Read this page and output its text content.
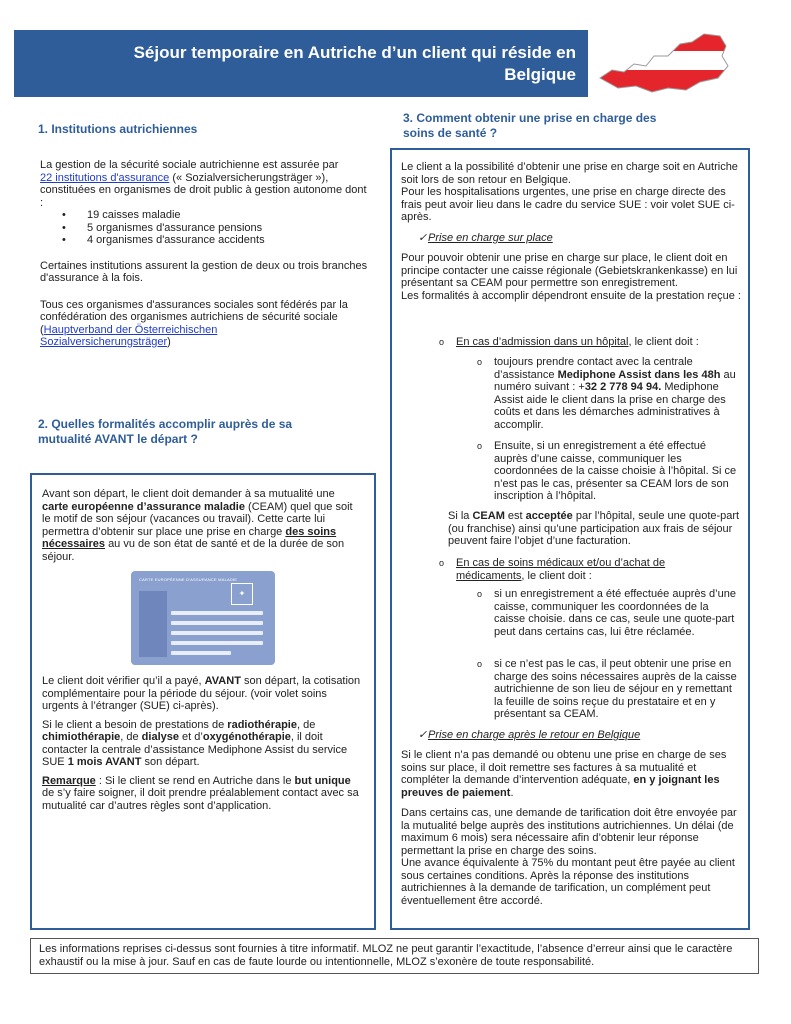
Séjour temporaire en Autriche d’un client qui réside en
Belgique
1. Institutions autrichiennes

La gestion de la sécurité sociale autrichienne est assurée par
22 institutions d'assurance (« Sozialversicherungsträger »), constituées en organismes de droit public à gestion autonome dont :

• 19 caisses maladie
• 5 organismes d'assurance pensions
• 4 organismes d'assurance accidents

Certaines institutions assurent la gestion de deux ou trois branches d'assurance à la fois.

Tous ces organismes d'assurances sociales sont fédérés par la confédération des organismes autrichiens de sécurité sociale (Hauptverband der Österreichischen
Sozialversicherungsträger)

2. Quelles formalités accomplir auprès de sa
mutualité AVANT le départ ?

Avant son départ, le client doit demander à sa mutualité une carte européenne d’assurance maladie (CEAM) quel que soit le motif de son séjour (vacances ou travail). Cette carte lui permettra d’obtenir sur place une prise en charge des soins nécessaires au vu de son état de santé et de la durée de son séjour.

CARTE EUROPÉENNE D'ASSURANCE MALADIE
✦

Le client doit vérifier qu’il a payé, AVANT son départ, la cotisation complémentaire pour la période du séjour. (voir volet soins urgents à l’étranger (SUE) ci-après).

Si le client a besoin de prestations de radiothérapie, de
chimiothérapie, de dialyse et d’oxygénothérapie, il doit contacter la centrale d’assistance Mediphone Assist du service SUE 1 mois AVANT son départ.

Remarque : Si le client se rend en Autriche dans le but unique de s’y faire soigner, il doit prendre préalablement contact avec sa mutualité car d’autres règles sont d’application.

3. Comment obtenir une prise en charge des
soins de santé ?

Le client a la possibilité d’obtenir une prise en charge soit en Autriche soit lors de son retour en Belgique.

Pour les hospitalisations urgentes, une prise en charge directe des frais peut avoir lieu dans le cadre du service SUE : voir volet SUE ci-après.

✓ Prise en charge sur place

Pour pouvoir obtenir une prise en charge sur place, le client doit en principe contacter une caisse régionale (Gebietskrankenkasse) en lui présentant sa CEAM pour permettre son enregistrement.

Les formalités à accomplir dépendront ensuite de la prestation reçue :

o En cas d’admission dans un hôpital, le client doit :
o toujours prendre contact avec la centrale d’assistance Mediphone Assist dans les 48h au numéro suivant : +32 2 778 94 94. Mediphone Assist aide le client dans la prise en charge des coûts et dans les démarches administratives à accomplir.
o Ensuite, si un enregistrement a été effectué auprès d’une caisse, communiquer les coordonnées de la caisse choisie à l’hôpital. Si ce n’est pas le cas, présenter sa CEAM lors de son inscription à l’hôpital.
Si la CEAM est acceptée par l’hôpital, seule une quote-part (ou franchise) ainsi qu’une participation aux frais de séjour peuvent faire l’objet d’une facturation.
o En cas de soins médicaux et/ou d’achat de médicaments, le client doit :
o si un enregistrement a été effectuée auprès d’une caisse, communiquer les coordonnées de la caisse choisie. dans ce cas, seule une quote-part peut dans certains cas, lui être réclamée.
o si ce n’est pas le cas, il peut obtenir une prise en charge des soins nécessaires auprès de la caisse autrichienne de son lieu de séjour en y remettant la feuille de soins reçue du prestataire et en y présentant sa CEAM.
✓ Prise en charge après le retour en Belgique

Si le client n’a pas demandé ou obtenu une prise en charge de ses soins sur place, il doit remettre ses factures à sa mutualité et compléter la demande d’intervention adéquate, en y joignant les preuves de paiement.

Dans certains cas, une demande de tarification doit être envoyée par la mutualité belge auprès des institutions autrichiennes. Un délai (de maximum 6 mois) sera nécessaire afin d’obtenir leur réponse permettant la prise en charge des soins.

Une avance équivalente à 75% du montant peut être payée au client sous certaines conditions. Après la réponse des institutions autrichiennes à la demande de tarification, un complément peut éventuellement être accordé.

Les informations reprises ci-dessus sont fournies à titre informatif. MLOZ ne peut garantir l’exactitude, l’absence d’erreur ainsi que le caractère exhaustif ou la mise à jour. Sauf en cas de faute lourde ou intentionnelle, MLOZ s’exonère de toute responsabilité.
